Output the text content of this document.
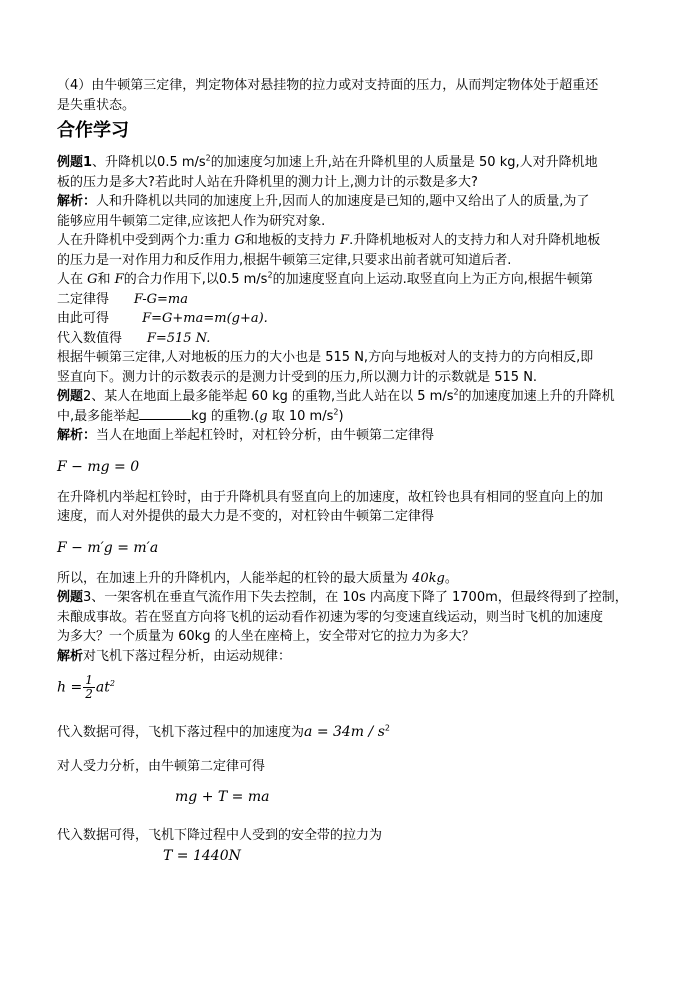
（4）由牛顿第三定律，判定物体对悬挂物的拉力或对支持面的压力，从而判定物体处于超重还

是失重状态。

合作学习

例题1、升降机以0.5 $m/s^2$的加速度匀加速上升,站在升降机里的人质量是 50 kg,人对升降机地

板的压力是多大?若此时人站在升降机里的测力计上,测力计的示数是多大?

解析：人和升降机以共同的加速度上升,因而人的加速度是已知的,题中又给出了人的质量,为了

能够应用牛顿第二定律,应该把人作为研究对象.

人在升降机中受到两个力:重力 G和地板的支持力 F.升降机地板对人的支持力和人对升降机地板

的压力是一对作用力和反作用力,根据牛顿第三定律,只要求出前者就可知道后者.

人在 G和 F的合力作用下,以0.5 $m/s^2$的加速度竖直向上运动.取竖直向上为正方向,根据牛顿第

二定律得 F-G=ma

由此可得	F=G+ma=m(g+a).

代入数值得 F=515 N.

根据牛顿第三定律,人对地板的压力的大小也是 515 N,方向与地板对人的支持力的方向相反,即

竖直向下。测力计的示数表示的是测力计受到的压力,所以测力计的示数就是 515 N.

例题2、某人在地面上最多能举起 60 kg 的重物,当此人站在以 5 $m/s^2$的加速度加速上升的升降机

中,最多能举起	kg 的重物.(g 取 10 $m/s^2$)

解析：当人在地面上举起杠铃时，对杠铃分析，由牛顿第二定律得

F − mg = 0

在升降机内举起杠铃时，由于升降机具有竖直向上的加速度，故杠铃也具有相同的竖直向上的加

速度，而人对外提供的最大力是不变的，对杠铃由牛顿第二定律得

F − m′g = m′a

所以，在加速上升的升降机内，人能举起的杠铃的最大质量为 40kg。

例题3、一架客机在垂直气流作用下失去控制，在 10s 内高度下降了 1700m，但最终得到了控制，

未酿成事故。若在竖直方向将飞机的运动看作初速为零的匀变速直线运动，则当时飞机的加速度

为多大？一个质量为 60kg 的人坐在座椅上，安全带对它的拉力为多大？

解析对飞机下落过程分析，由运动规律：

$h = \frac{1}{2} at^2$

代入数据可得，飞机下落过程中的加速度为$a = 34m / s^2$

对人受力分析，由牛顿第二定律可得

mg + T = ma

代入数据可得，飞机下降过程中人受到的安全带的拉力为

T = 1440N
